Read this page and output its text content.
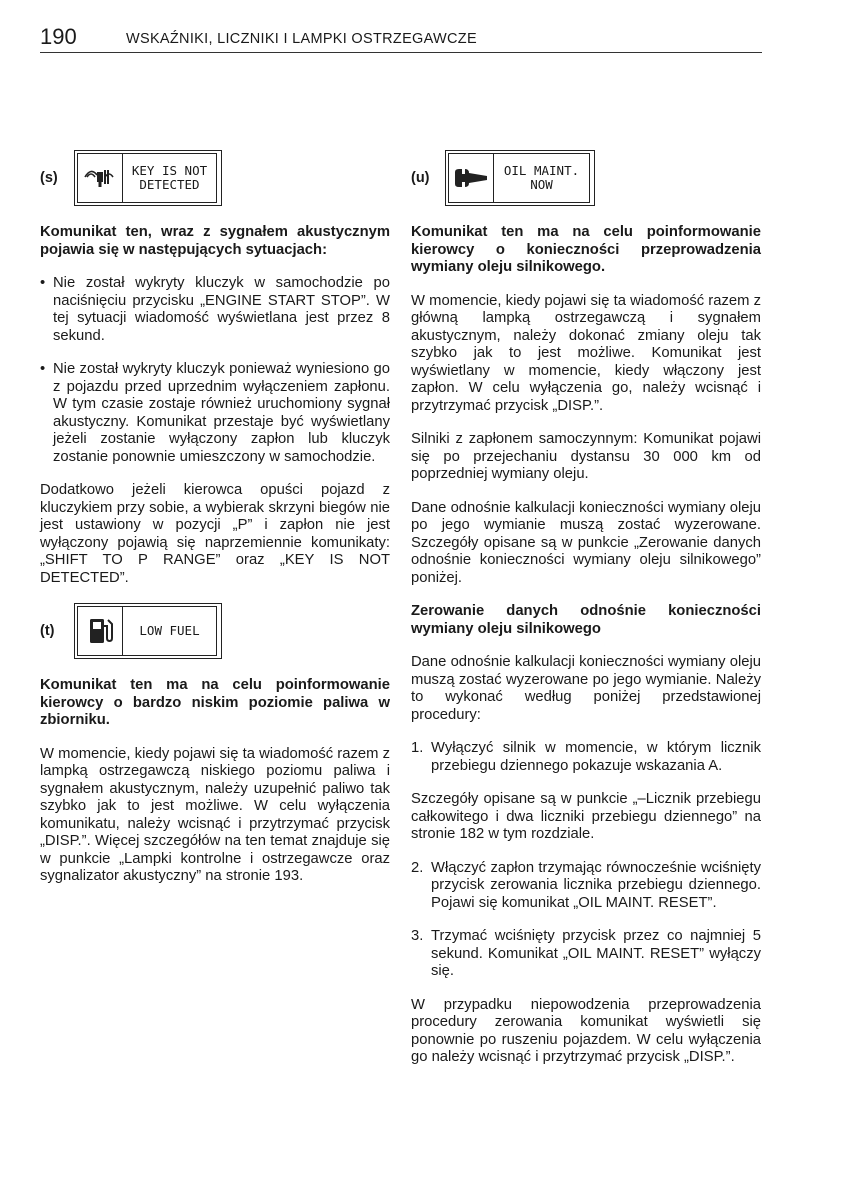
190	WSKAŹNIKI, LICZNIKI I LAMPKI OSTRZEGAWCZE
(s)	KEY IS NOT
DETECTED

Komunikat ten, wraz z sygnałem akustycznym pojawia się w następujących sytuacjach:

• Nie został wykryty kluczyk w samochodzie po naciśnięciu przycisku „ENGINE START STOP”. W tej sytuacji wiadomość wyświetlana jest przez 8 sekund.
• Nie został wykryty kluczyk ponieważ wyniesiono go z pojazdu przed uprzednim wyłączeniem zapłonu. W tym czasie zostaje również uruchomiony sygnał akustyczny. Komunikat przestaje być wyświetlany jeżeli zostanie wyłączony zapłon lub kluczyk zostanie ponownie umieszczony w samochodzie.

Dodatkowo jeżeli kierowca opuści pojazd z kluczykiem przy sobie, a wybierak skrzyni biegów nie jest ustawiony w pozycji „P” i zapłon nie jest wyłączony pojawią się naprzemiennie komunikaty: „SHIFT TO P RANGE” oraz „KEY IS NOT DETECTED”.

(t)	LOW FUEL

Komunikat ten ma na celu poinformowanie kierowcy o bardzo niskim poziomie paliwa w zbiorniku.

W momencie, kiedy pojawi się ta wiadomość razem z lampką ostrzegawczą niskiego poziomu paliwa i sygnałem akustycznym, należy uzupełnić paliwo tak szybko jak to jest możliwe. W celu wyłączenia komunikatu, należy wcisnąć i przytrzymać przycisk „DISP.”. Więcej szczegółów na ten temat znajduje się w punkcie „Lampki kontrolne i ostrzegawcze oraz sygnalizator akustyczny” na stronie 193.

(u)	OIL MAINT.
NOW

Komunikat ten ma na celu poinformowanie kierowcy o konieczności przeprowadzenia wymiany oleju silnikowego.

W momencie, kiedy pojawi się ta wiadomość razem z główną lampką ostrzegawczą i sygnałem akustycznym, należy dokonać zmiany oleju tak szybko jak to jest możliwe. Komunikat jest wyświetlany w momencie, kiedy włączony jest zapłon. W celu wyłączenia go, należy wcisnąć i przytrzymać przycisk „DISP.”.

Silniki z zapłonem samoczynnym: Komunikat pojawi się po przejechaniu dystansu 30 000 km od poprzedniej wymiany oleju.

Dane odnośnie kalkulacji konieczności wymiany oleju po jego wymianie muszą zostać wyzerowane. Szczegóły opisane są w punkcie „Zerowanie danych odnośnie konieczności wymiany oleju silnikowego” poniżej.

Zerowanie danych odnośnie konieczności wymiany oleju silnikowego

Dane odnośnie kalkulacji konieczności wymiany oleju muszą zostać wyzerowane po jego wymianie. Należy to wykonać według poniżej przedstawionej procedury:

1. Wyłączyć silnik w momencie, w którym licznik przebiegu dziennego pokazuje wskazania A.

Szczegóły opisane są w punkcie „–Licznik przebiegu całkowitego i dwa liczniki przebiegu dziennego” na stronie 182 w tym rozdziale.

2. Włączyć zapłon trzymając równocześnie wciśnięty przycisk zerowania licznika przebiegu dziennego. Pojawi się komunikat „OIL MAINT. RESET”.
3. Trzymać wciśnięty przycisk przez co najmniej 5 sekund. Komunikat „OIL MAINT. RESET” wyłączy się.

W przypadku niepowodzenia przeprowadzenia procedury zerowania komunikat wyświetli się ponownie po ruszeniu pojazdem. W celu wyłączenia go należy wcisnąć i przytrzymać przycisk „DISP.”.
